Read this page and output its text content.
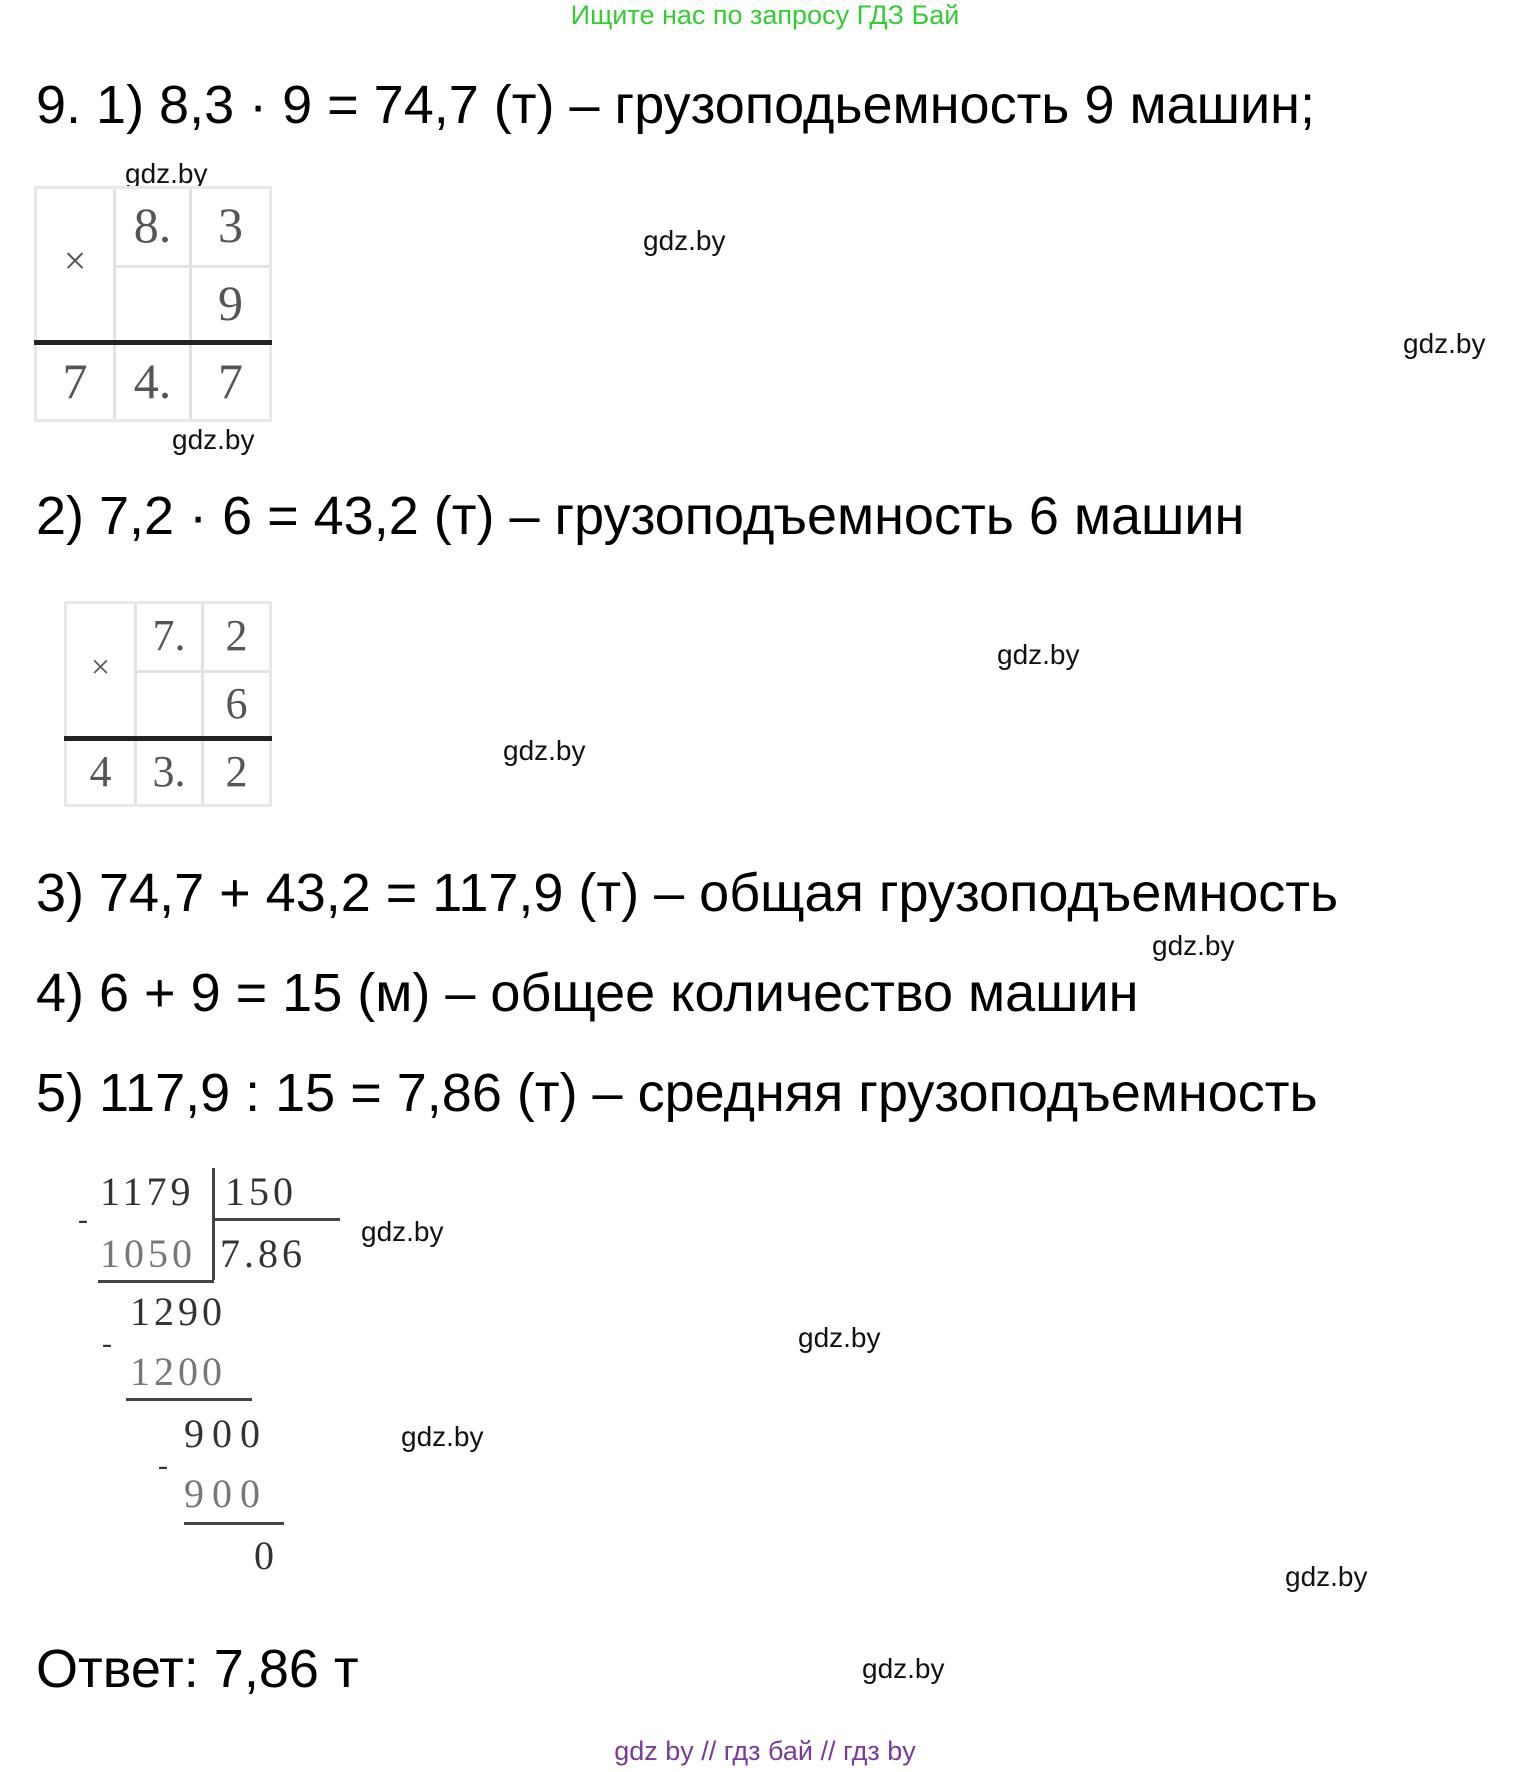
Ищите нас по запросу ГДЗ Бай
9. 1) 8,3 · 9 = 74,7 (т) – грузоподьемность 9 машин;
gdz.by
×
8. 3
9
7 4. 7
gdz.by
gdz.by
gdz.by
2) 7,2 · 6 = 43,2 (т) – грузоподъемность 6 машин
×
7. 2
6
4 3. 2
gdz.by
gdz.by
3) 74,7 + 43,2 = 117,9 (т) – общая грузоподъемность
gdz.by
4) 6 + 9 = 15 (м) – общее количество машин
5) 117,9 : 15 = 7,86 (т) – средняя грузоподъемность
1179 150
-
1050 7.86
1290
-
1200
900
-
900
0
gdz.by
gdz.by
gdz.by
gdz.by
Ответ: 7,86 т	gdz.by
gdz by // гдз бай // гдз by
